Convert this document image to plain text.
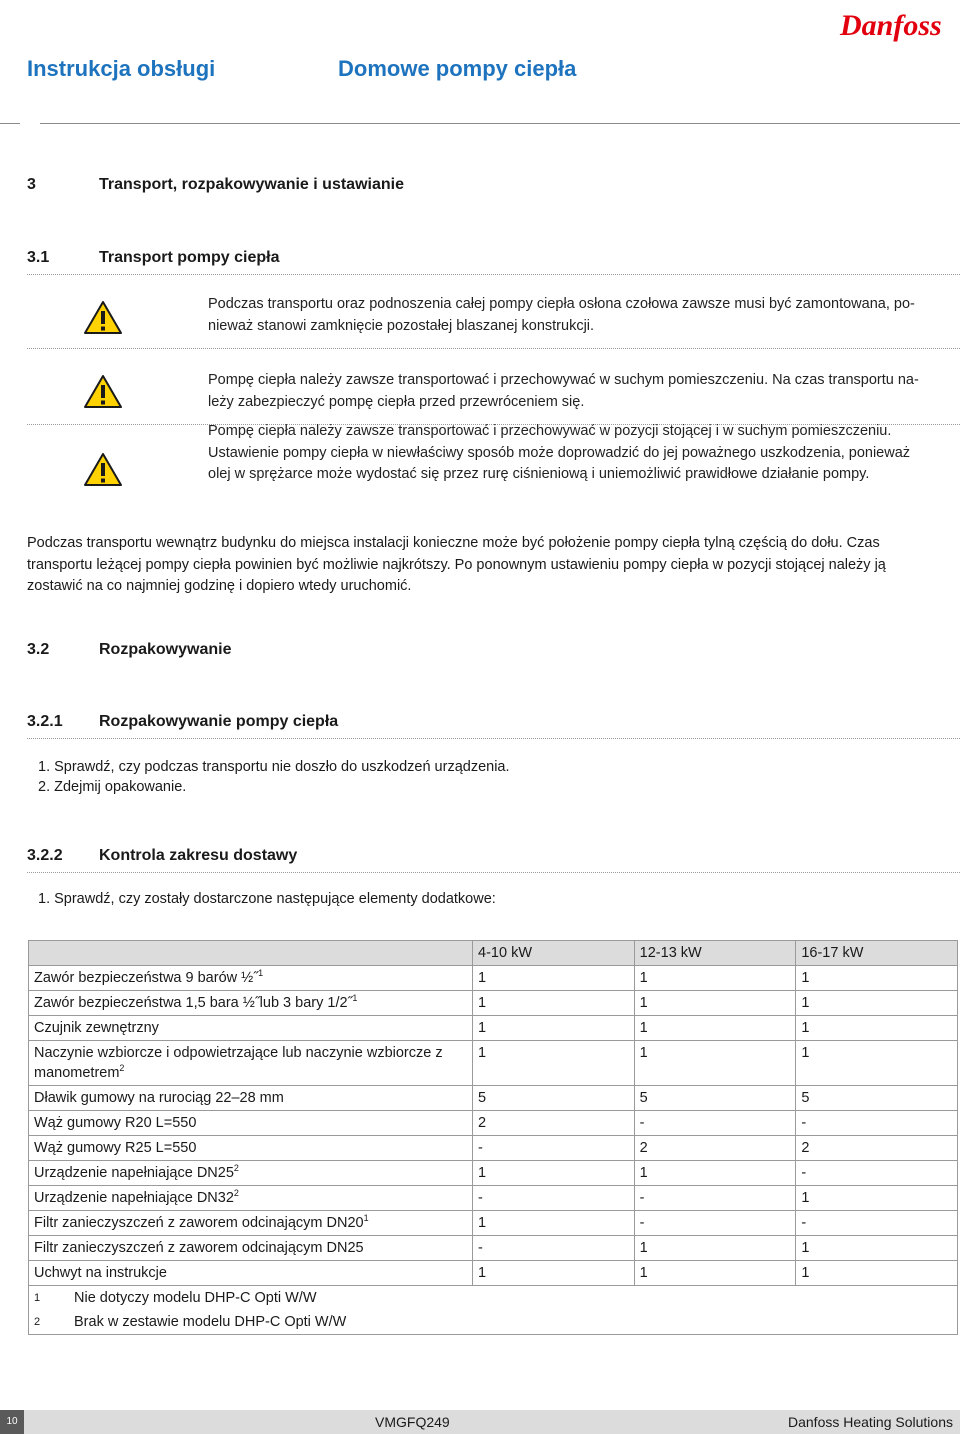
Instrukcja obsługi	Domowe pompy ciepła
Danfoss
3	Transport, rozpakowywanie i ustawianie
3.1	Transport pompy ciepła
Podczas transportu oraz podnoszenia całej pompy ciepła osłona czołowa zawsze musi być zamontowana, po-
nieważ stanowi zamknięcie pozostałej blaszanej konstrukcji.
Pompę ciepła należy zawsze transportować i przechowywać w suchym pomieszczeniu. Na czas transportu na-
leży zabezpieczyć pompę ciepła przed przewróceniem się.
Pompę ciepła należy zawsze transportować i przechowywać w pozycji stojącej i w suchym pomieszczeniu.
Ustawienie pompy ciepła w niewłaściwy sposób może doprowadzić do jej poważnego uszkodzenia, ponieważ
olej w sprężarce może wydostać się przez rurę ciśnieniową i uniemożliwić prawidłowe działanie pompy.
Podczas transportu wewnątrz budynku do miejsca instalacji konieczne może być położenie pompy ciepła tylną częścią do dołu. Czas
transportu leżącej pompy ciepła powinien być możliwie najkrótszy. Po ponownym ustawieniu pompy ciepła w pozycji stojącej należy ją
zostawić na co najmniej godzinę i dopiero wtedy uruchomić.
3.2	Rozpakowywanie
3.2.1 Rozpakowywanie pompy ciepła
1. Sprawdź, czy podczas transportu nie doszło do uszkodzeń urządzenia.
2. Zdejmij opakowanie.
3.2.2 Kontrola zakresu dostawy
1. Sprawdź, czy zostały dostarczone następujące elementy dodatkowe:
	4-10 kW	12-13 kW	16-17 kW
Zawór bezpieczeństwa 9 barów ½˝$^1$	1	1	1
Zawór bezpieczeństwa 1,5 bara ½˝lub 3 bary 1/2˝$^1$	1	1	1
Czujnik zewnętrzny	1	1	1

Naczynie wzbiorcze i odpowietrzające lub naczynie wzbiorcze z
manometrem$^2$	1	1	1
Dławik gumowy na rurociąg 22–28 mm	5	5	5
Wąż gumowy R20 L=550	2	-	-
Wąż gumowy R25 L=550	-	2	2
Urządzenie napełniające $DN25^2$	1	1	-
Urządzenie napełniające $DN32^2$	-	-	1
Filtr zanieczyszczeń z zaworem odcinającym $DN20^1$	1	-	-
Filtr zanieczyszczeń z zaworem odcinającym DN25	-	1	1
Uchwyt na instrukcje	1	1	1
1 Nie dotyczy modelu DHP-C Opti W/W			
2 Brak w zestawie modelu DHP-C Opti W/W			
10	VMGFQ249	Danfoss Heating Solutions
